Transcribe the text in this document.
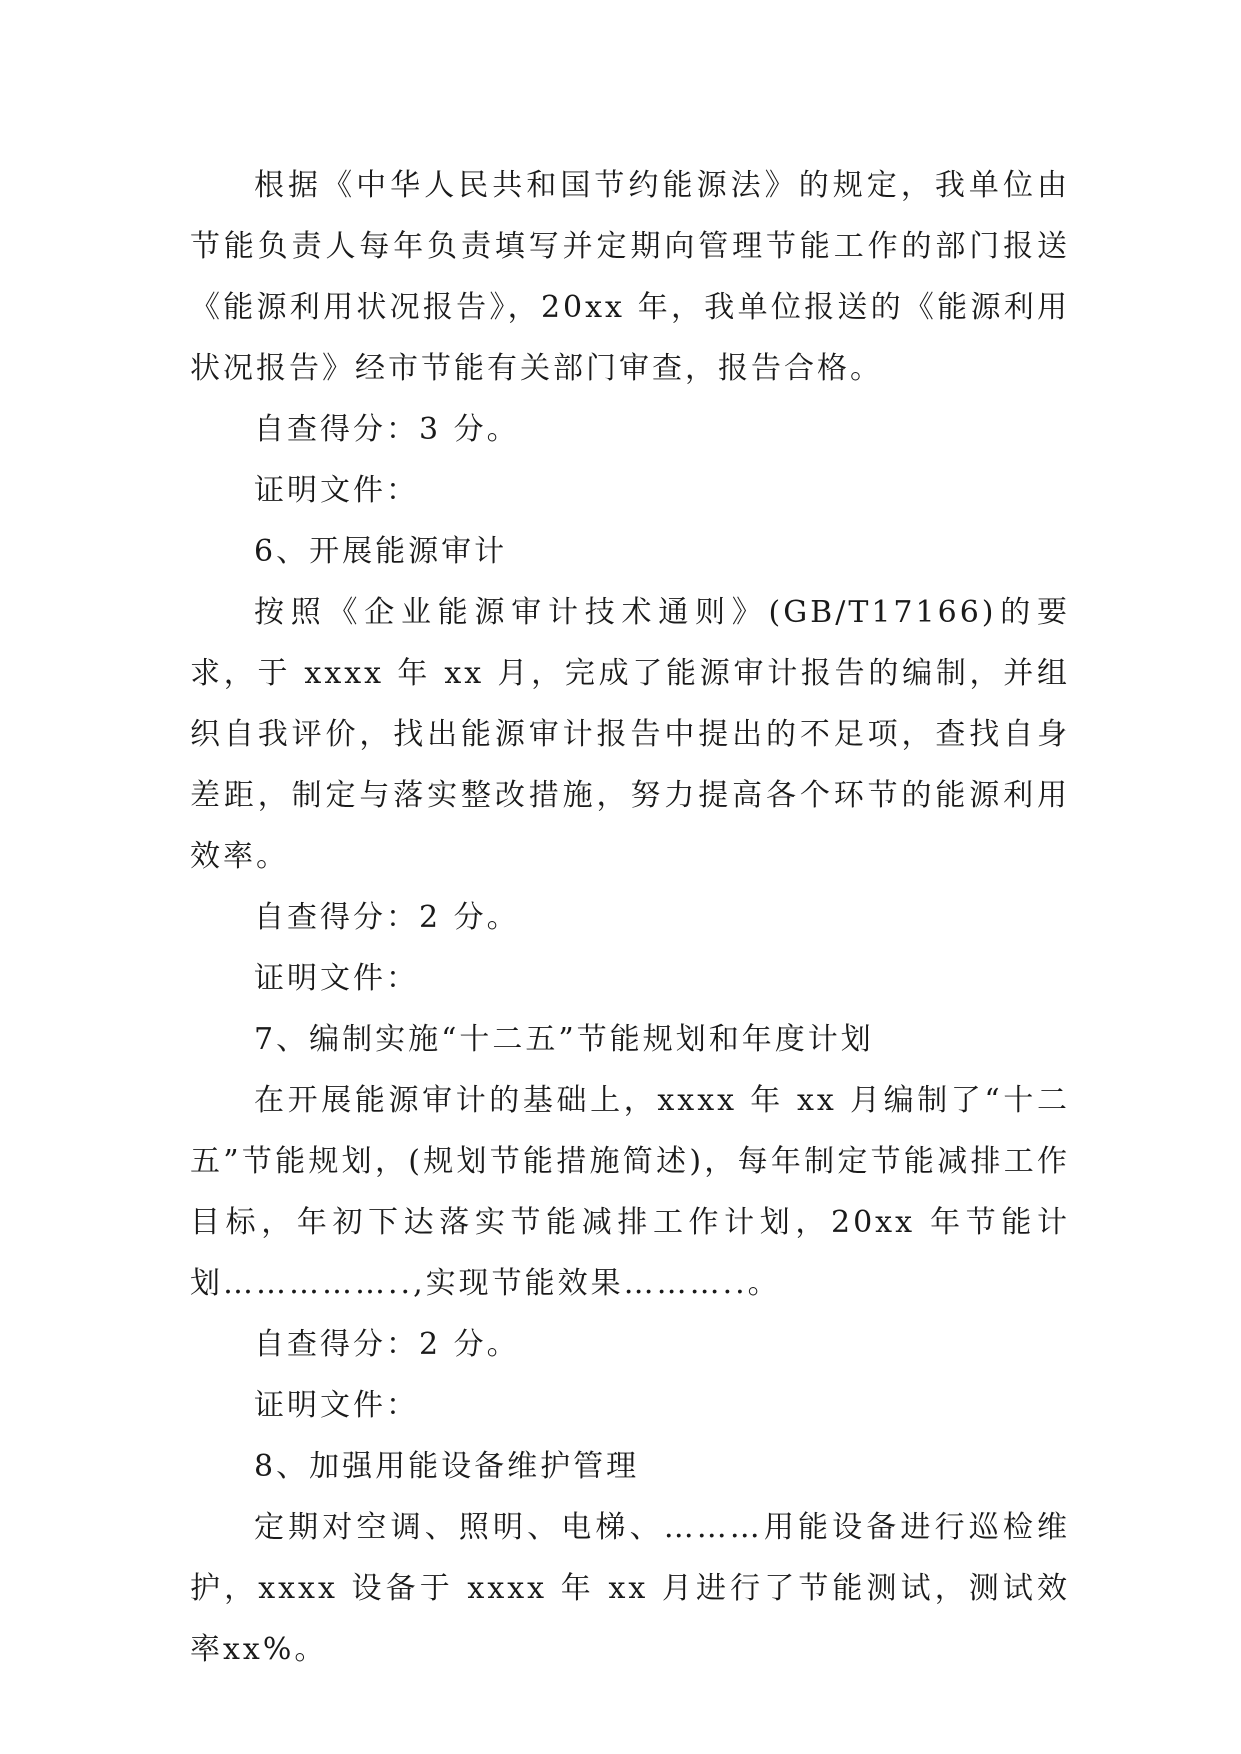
根据《中华人民共和国节约能源法》的规定，我单位由节能负责人每年负责填写并定期向管理节能工作的部门报送《能源利用状况报告》，20xx 年，我单位报送的《能源利用状况报告》经市节能有关部门审查，报告合格。

自查得分：3 分。

证明文件：

6、开展能源审计

按照《企业能源审计技术通则》(GB/T17166)的要求，于 xxxx 年 xx 月，完成了能源审计报告的编制，并组织自我评价，找出能源审计报告中提出的不足项，查找自身差距，制定与落实整改措施，努力提高各个环节的能源利用效率。

自查得分：2 分。

证明文件：

7、编制实施“十二五”节能规划和年度计划

在开展能源审计的基础上，xxxx 年 xx 月编制了“十二五”节能规划，(规划节能措施简述)，每年制定节能减排工作目标，年初下达落实节能减排工作计划，20xx 年节能计划……………..,实现节能效果………..。

自查得分：2 分。

证明文件：

8、加强用能设备维护管理

定期对空调、照明、电梯、………用能设备进行巡检维护，xxxx 设备于 xxxx 年 xx 月进行了节能测试，测试效率xx%。
